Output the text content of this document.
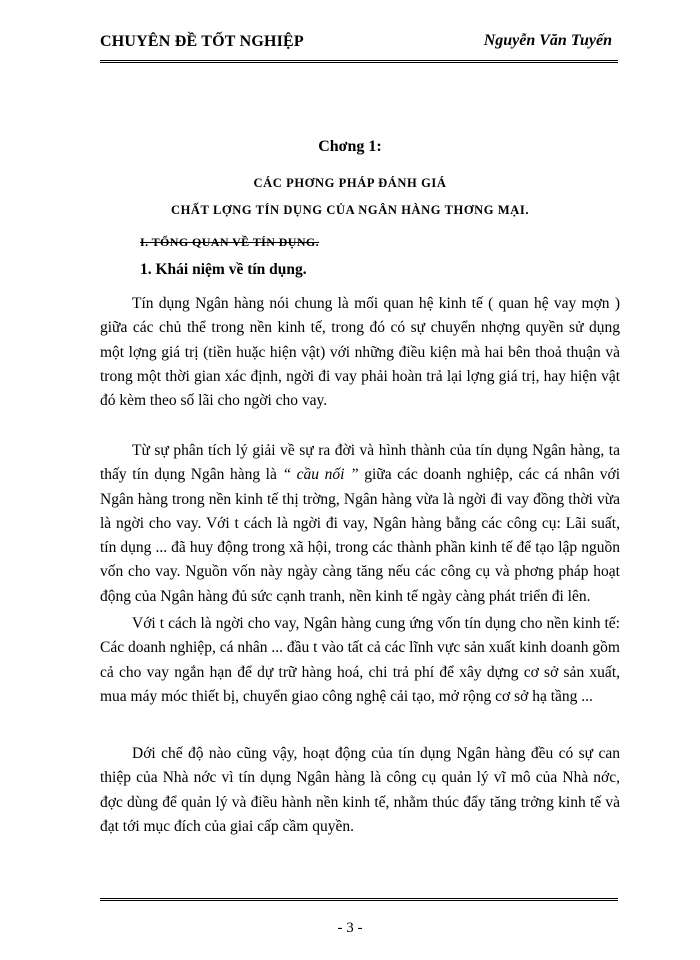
CHUYÊN ĐỀ TỐT NGHIỆP	Nguyễn Văn Tuyến
Chơng 1:
CÁC PHƠNG PHÁP ĐÁNH GIÁ
CHẤT LỢNG TÍN DỤNG CỦA NGÂN HÀNG THƠNG MẠI.
I. TỔNG QUAN VỀ TÍN DỤNG.
1. Khái niệm về tín dụng.

Tín dụng Ngân hàng nói chung là mối quan hệ kinh tế ( quan hệ vay mợn ) giữa các chủ thể trong nền kinh tế, trong đó có sự chuyển nhợng quyền sử dụng một lợng giá trị (tiền huặc hiện vật) với những điều kiện mà hai bên thoả thuận và trong một thời gian xác định, ngời đi vay phải hoàn trả lại lợng giá trị, hay hiện vật đó kèm theo số lãi cho ngời cho vay.

Từ sự phân tích lý giải về sự ra đời và hình thành của tín dụng Ngân hàng, ta thấy tín dụng Ngân hàng là “ cầu nối ” giữa các doanh nghiệp, các cá nhân với Ngân hàng trong nền kinh tế thị trờng, Ngân hàng vừa là ngời đi vay đồng thời vừa là ngời cho vay. Với t cách là ngời đi vay, Ngân hàng bằng các công cụ: Lãi suất, tín dụng ... đã huy động trong xã hội, trong các thành phần kinh tế để tạo lập nguồn vốn cho vay. Nguồn vốn này ngày càng tăng nếu các công cụ và phơng pháp hoạt động của Ngân hàng đủ sức cạnh tranh, nền kinh tế ngày càng phát triển đi lên.

Với t cách là ngời cho vay, Ngân hàng cung ứng vốn tín dụng cho nền kinh tế: Các doanh nghiệp, cá nhân ... đầu t vào tất cả các lĩnh vực sản xuất kinh doanh gồm cả cho vay ngắn hạn để dự trữ hàng hoá, chi trả phí để xây dựng cơ sở sản xuất, mua máy móc thiết bị, chuyển giao công nghệ cải tạo, mở rộng cơ sở hạ tầng ...

Dới chế độ nào cũng vậy, hoạt động của tín dụng Ngân hàng đều có sự can thiệp của Nhà nớc vì tín dụng Ngân hàng là công cụ quản lý vĩ mô của Nhà nớc, đợc dùng để quản lý và điều hành nền kinh tế, nhằm thúc đẩy tăng trởng kinh tế và đạt tới mục đích của giai cấp cầm quyền.

- 3 -
